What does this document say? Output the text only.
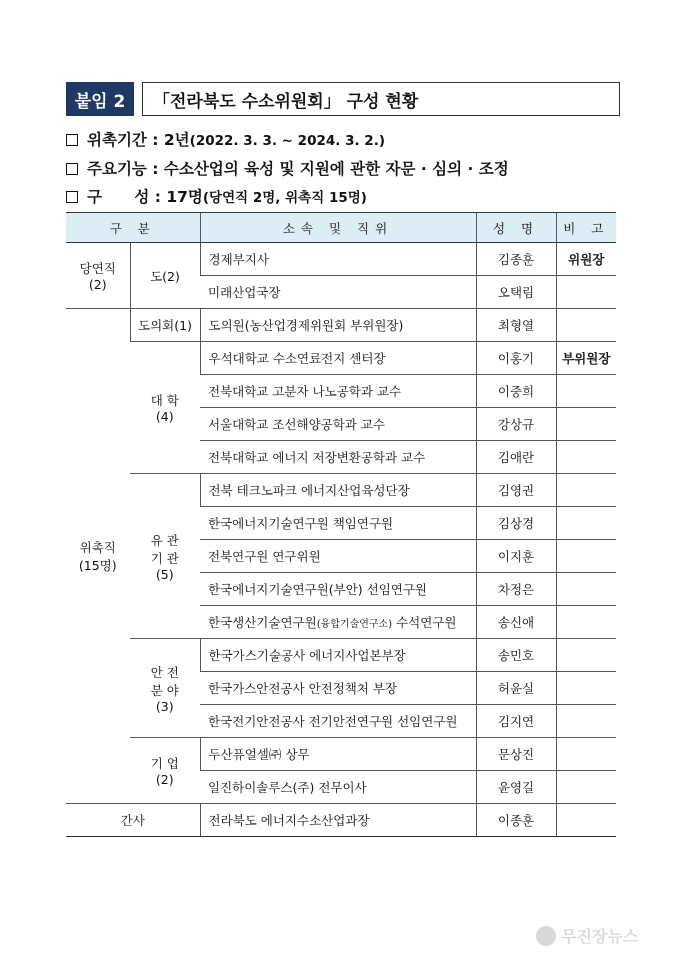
붙임 2	「전라북도 수소위원회」 구성 현황
위촉기간 : 2년(2022. 3. 3. ~ 2024. 3. 2.)
주요기능 : 수소산업의 육성 및 지원에 관한 자문 · 심의 · 조정
구      성 : 17명(당연직 2명, 위촉직 15명)
구 분		소속 및 직위	성 명	비 고
당연직
(2)	도(2)	경제부지사	김종훈	위원장
		미래산업국장	오택림	
위촉직
(15명)	도의회(1)	도의원(농산업경제위원회 부위원장)	최형열	
	대 학
(4)	우석대학교 수소연료전지 센터장	이홍기	부위원장
		전북대학교 고분자 나노공학과 교수	이중희	
		서울대학교 조선해양공학과 교수	강상규	
		전북대학교 에너지 저장변환공학과 교수	김애란	
	유 관
기 관
(5)	전북 테크노파크 에너지산업육성단장	김영권	
		한국에너지기술연구원 책임연구원	김상경	
		전북연구원 연구위원	이지훈	
		한국에너지기술연구원(부안) 선임연구원	차정은	
		한국생산기술연구원(융합기술연구소) 수석연구원	송신애	
	안 전
분 야
(3)	한국가스기술공사 에너지사업본부장	송민호	
		한국가스안전공사 안전정책처 부장	허윤실	
		한국전기안전공사 전기안전연구원 선임연구원	김지연	
	기 업
(2)	두산퓨얼셀㈜ 상무	문상진	
		일진하이솔루스(주) 전무이사	윤영길	
간사		전라북도 에너지수소산업과장	이종훈	
무진장뉴스
